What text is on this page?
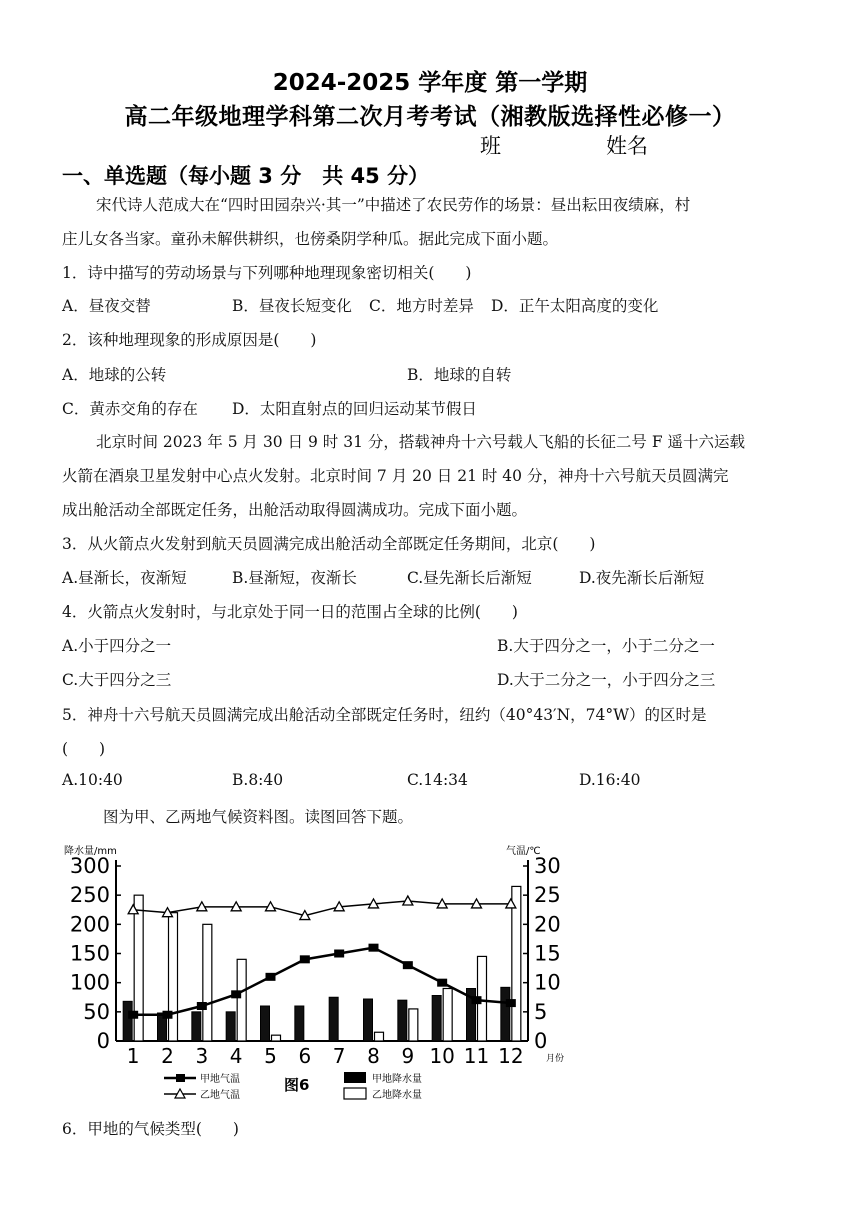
2024-2025 学年度 第一学期
高二年级地理学科第二次月考考试（湘教版选择性必修一）
班	姓名
一、单选题（每小题 3 分　共 45 分）
宋代诗人范成大在“四时田园杂兴·其一”中描述了农民劳作的场景：昼出耘田夜绩麻，村
庄儿女各当家。童孙未解供耕织，也傍桑阴学种瓜。据此完成下面小题。
1．诗中描写的劳动场景与下列哪种地理现象密切相关(　　)
A．昼夜交替	B．昼夜长短变化 C．地方时差异 D．正午太阳高度的变化
2．该种地理现象的形成原因是(　　)
A．地球的公转	B．地球的自转
C．黄赤交角的存在 D．太阳直射点的回归运动某节假日
北京时间 2023 年 5 月 30 日 9 时 31 分，搭载神舟十六号载人飞船的长征二号 F 遥十六运载
火箭在酒泉卫星发射中心点火发射。北京时间 7 月 20 日 21 时 40 分，神舟十六号航天员圆满完
成出舱活动全部既定任务，出舱活动取得圆满成功。完成下面小题。
3．从火箭点火发射到航天员圆满完成出舱活动全部既定任务期间，北京(　　)
A.昼渐长，夜渐短	B.昼渐短，夜渐长	C.昼先渐长后渐短	D.夜先渐长后渐短
4．火箭点火发射时，与北京处于同一日的范围占全球的比例(　　)
A.小于四分之一	B.大于四分之一，小于二分之一
C.大于四分之三	D.大于二分之一，小于四分之三
5．神舟十六号航天员圆满完成出舱活动全部既定任务时，纽约（40°43′N，74°W）的区时是
(　　)
A.10:40	B.8:40	C.14:34	D.16:40
图为甲、乙两地气候资料图。读图回答下题。
降水量/mm	气温/℃
300
250
200
150
100
50
0
30
25
20
15
10
5
0
1 2 3 4 5 6 7 8 9 10 11 12 月份
甲地气温
乙地气温
图6	甲地降水量
乙地降水量
6．甲地的气候类型(　　)
